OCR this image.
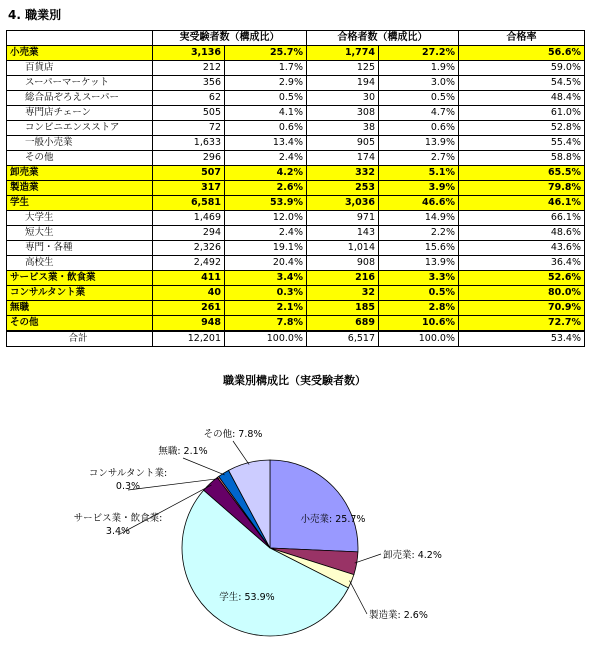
4. 職業別
	実受験者数（構成比）		合格者数（構成比）		合格率
小売業	3,136	25.7%	1,774	27.2%	56.6%
百貨店	212	1.7%	125	1.9%	59.0%
スーパーマーケット	356	2.9%	194	3.0%	54.5%
総合品ぞろえスーパー	62	0.5%	30	0.5%	48.4%
専門店チェーン	505	4.1%	308	4.7%	61.0%
コンビニエンスストア	72	0.6%	38	0.6%	52.8%
一般小売業	1,633	13.4%	905	13.9%	55.4%
その他	296	2.4%	174	2.7%	58.8%
卸売業	507	4.2%	332	5.1%	65.5%
製造業	317	2.6%	253	3.9%	79.8%
学生	6,581	53.9%	3,036	46.6%	46.1%
大学生	1,469	12.0%	971	14.9%	66.1%
短大生	294	2.4%	143	2.2%	48.6%
専門・各種	2,326	19.1%	1,014	15.6%	43.6%
高校生	2,492	20.4%	908	13.9%	36.4%
サービス業・飲食業	411	3.4%	216	3.3%	52.6%
コンサルタント業	40	0.3%	32	0.5%	80.0%
無職	261	2.1%	185	2.8%	70.9%
その他	948	7.8%	689	10.6%	72.7%
合計	12,201	100.0%	6,517	100.0%	53.4%
職業別構成比（実受験者数）
小売業: 25.7%
卸売業: 4.2%
製造業: 2.6%
学生: 53.9%
サービス業・飲食業: 3.4%
コンサルタント業: 0.3%
無職: 2.1%
その他: 7.8%
